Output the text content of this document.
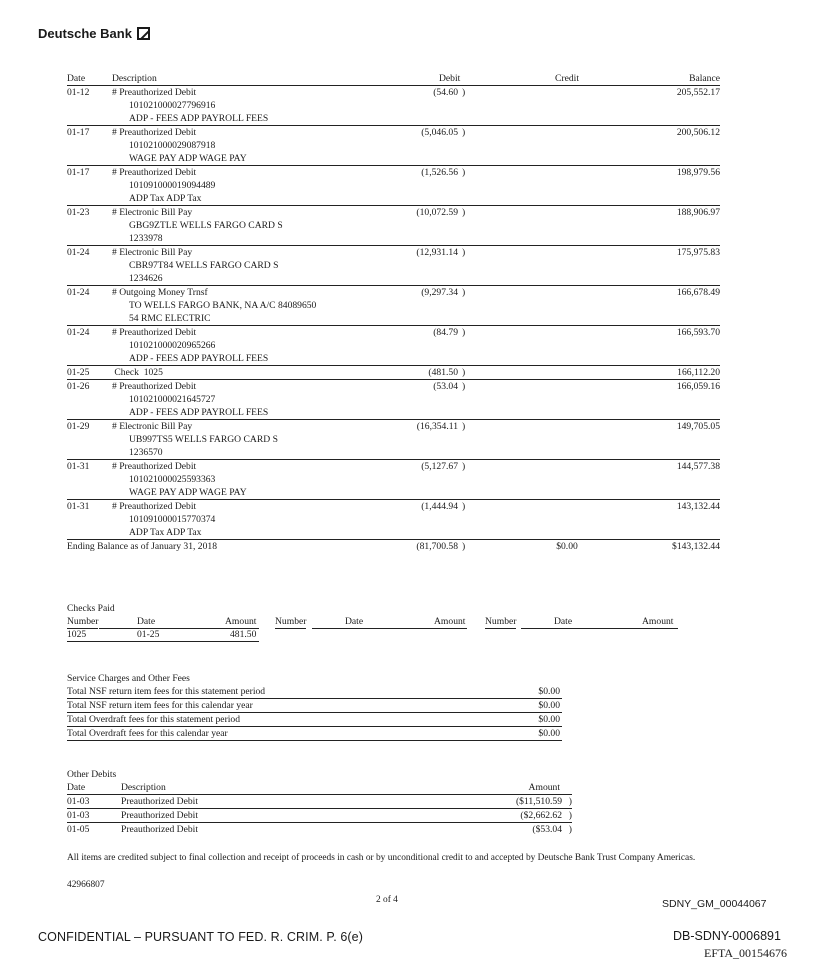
Deutsche Bank
Date	Description	Debit	Credit	Balance
01-12 # Preauthorized Debit
101021000027796916
ADP - FEES ADP PAYROLL FEES
(54.60 )	205,552.17
01-17 # Preauthorized Debit
101021000029087918
WAGE PAY ADP WAGE PAY
(5,046.05 )	200,506.12
01-17 # Preauthorized Debit
101091000019094489
ADP Tax ADP Tax
(1,526.56 )	198,979.56
01-23 # Electronic Bill Pay
GBG9ZTLE WELLS FARGO CARD S
1233978
(10,072.59 )	188,906.97
01-24 # Electronic Bill Pay
CBR97T84 WELLS FARGO CARD S
1234626
(12,931.14 )	175,975.83
01-24 # Outgoing Money Trnsf
TO WELLS FARGO BANK, NA A/C 84089650
54 RMC ELECTRIC
(9,297.34 )	166,678.49
01-24 # Preauthorized Debit
101021000020965266
ADP - FEES ADP PAYROLL FEES
(84.79 )	166,593.70
01-25 Check  1025	(481.50 )	166,112.20
01-26 # Preauthorized Debit
101021000021645727
ADP - FEES ADP PAYROLL FEES
(53.04 )	166,059.16
01-29 # Electronic Bill Pay
UB997TS5 WELLS FARGO CARD S
1236570
(16,354.11 )	149,705.05
01-31 # Preauthorized Debit
101021000025593363
WAGE PAY ADP WAGE PAY
(5,127.67 )	144,577.38
01-31 # Preauthorized Debit
101091000015770374
ADP Tax ADP Tax
(1,444.94 )	143,132.44
Ending Balance as of January 31, 2018	(81,700.58 )	$0.00	$143,132.44
Checks Paid
Number
	Date	Amount Number
	Date	Amount Number
	Date	Amount

1025	01-25	481.50
Service Charges and Other Fees
Total NSF return item fees for this statement period	$0.00
Total NSF return item fees for this calendar year	$0.00
Total Overdraft fees for this statement period	$0.00
Total Overdraft fees for this calendar year	$0.00
Other Debits
Date	Description	Amount
01-03	Preauthorized Debit	($11,510.59 )
01-03	Preauthorized Debit	($2,662.62 )
01-05	Preauthorized Debit	($53.04 )
All items are credited subject to final collection and receipt of proceeds in cash or by unconditional credit to and accepted by Deutsche Bank Trust Company Americas.
42966807
2 of 4	SDNY_GM_00044067
CONFIDENTIAL – PURSUANT TO FED. R. CRIM. P. 6(e)	DB-SDNY-0006891
EFTA_00154676
